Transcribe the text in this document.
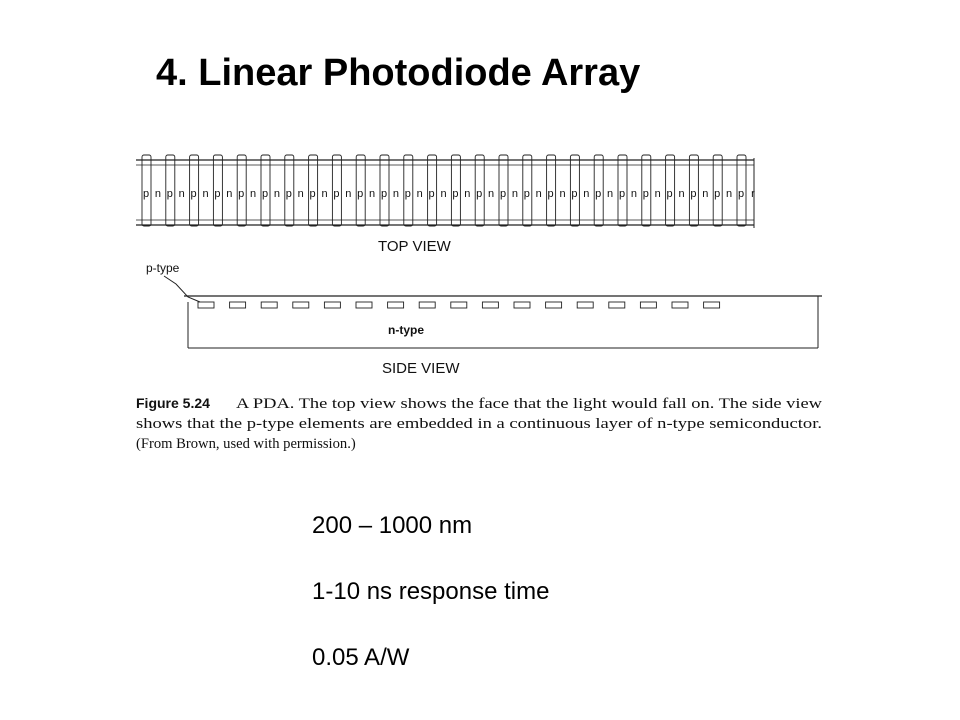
4. Linear Photodiode Array
p n p n p n p n p n p n p n p n p n p n p n p n p n p n p n p n p n p n p n p n p n p n p n p n p n p r
TOP VIEW
p-type
n-type
SIDE VIEW
Figure 5.24 A PDA. The top view shows the face that the light would fall on. The side view
shows that the p-type elements are embedded in a continuous layer of n-type semiconductor.
(From Brown, used with permission.)
200 – 1000 nm
1-10 ns response time
0.05 A/W
